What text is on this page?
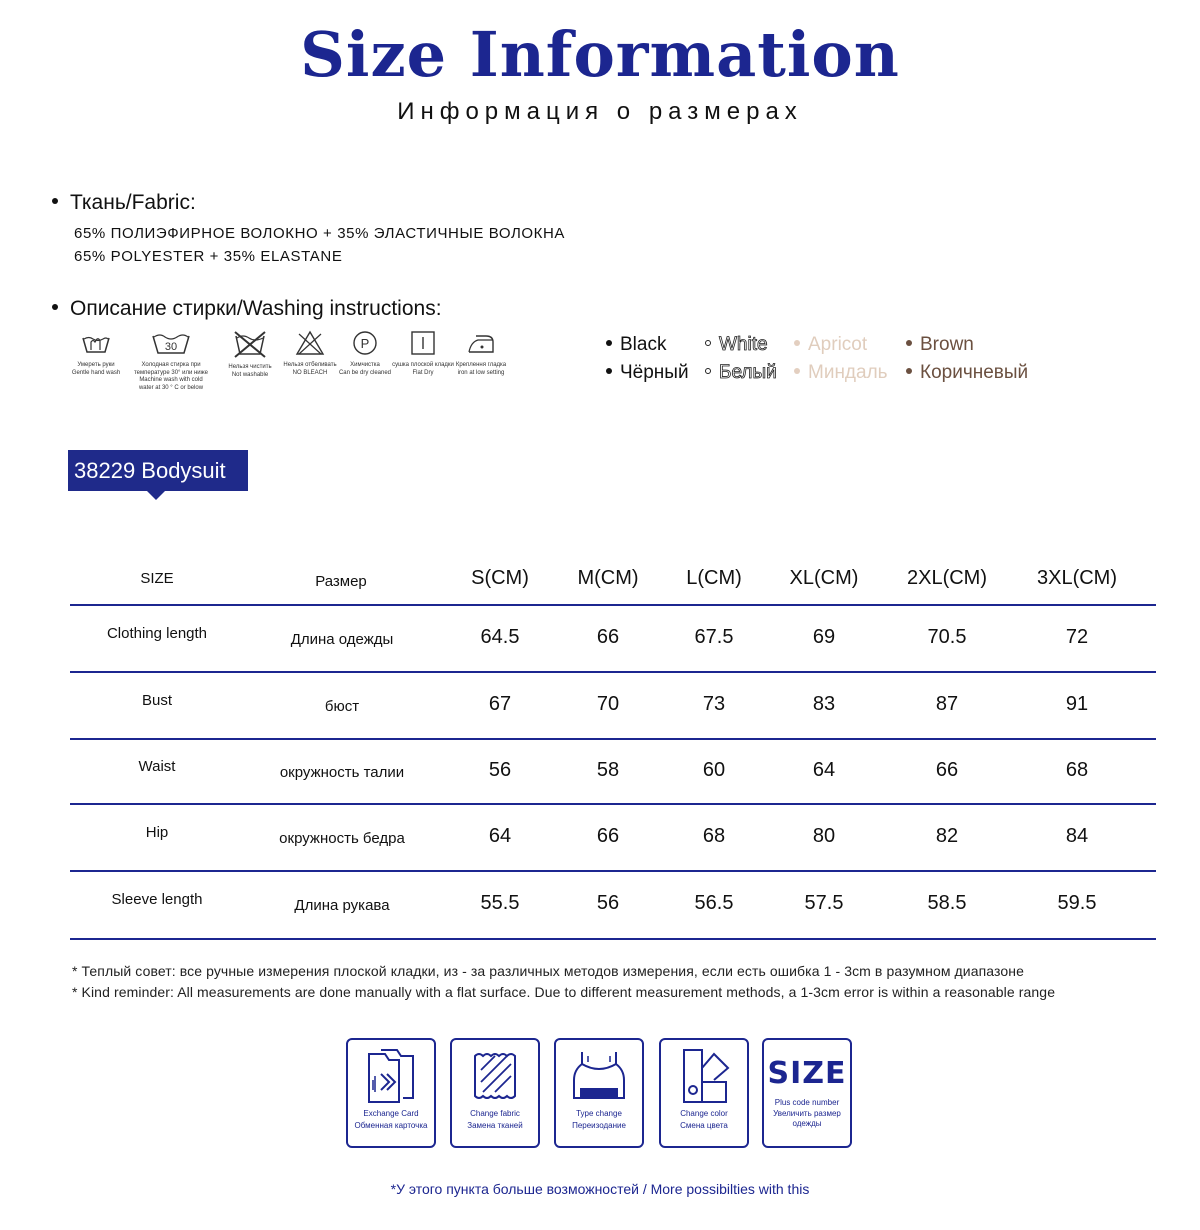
Size Information
Информация о размерах
Ткань/Fabric:
65% ПОЛИЭФИРНОЕ ВОЛОКНО + 35% ЭЛАСТИЧНЫЕ ВОЛОКНА
65% POLYESTER + 35% ELASTANE
Описание стирки/Washing instructions:
Умереть руки
Gentle hand wash
30
Холодная стирка при температуре 30° или ниже
Machine wash with cold water at 30 ° C or below
Нельзя чистить
Not washable
Нельзя отбеливать
NO BLEACH
P
Химчистка
Can be dry cleaned
сушка плоской кладки
Flat Dry
Креплення гладка
iron at low setting
Black	White	Apricot	Brown
Чёрный	Белый	Миндаль	Коричневый
38229 Bodysuit
SIZE	Размер	S(CM)	M(CM)	L(CM)	XL(CM)	2XL(CM)	3XL(CM)
Clothing length	Длина одежды	64.5	66	67.5	69	70.5	72
Bust	бюст	67	70	73	83	87	91
Waist	окружность талии	56	58	60	64	66	68
Hip	окружность бедра	64	66	68	80	82	84
Sleeve length	Длина рукава	55.5	56	56.5	57.5	58.5	59.5
* Теплый совет: все ручные измерения плоской кладки, из - за различных методов измерения, если есть ошибка 1 - 3cm в разумном диапазоне
* Kind reminder: All measurements are done manually with a flat surface. Due to different measurement methods, a 1-3cm error is within a reasonable range
Exchange Card
Обменная карточка
Change fabric
Замена тканей
Type change
Переизодание
Change color
Смена цвета
SIZE
Plus code number
Увеличить размер одежды
*У этого пункта больше возможностей / More possibilties with this
